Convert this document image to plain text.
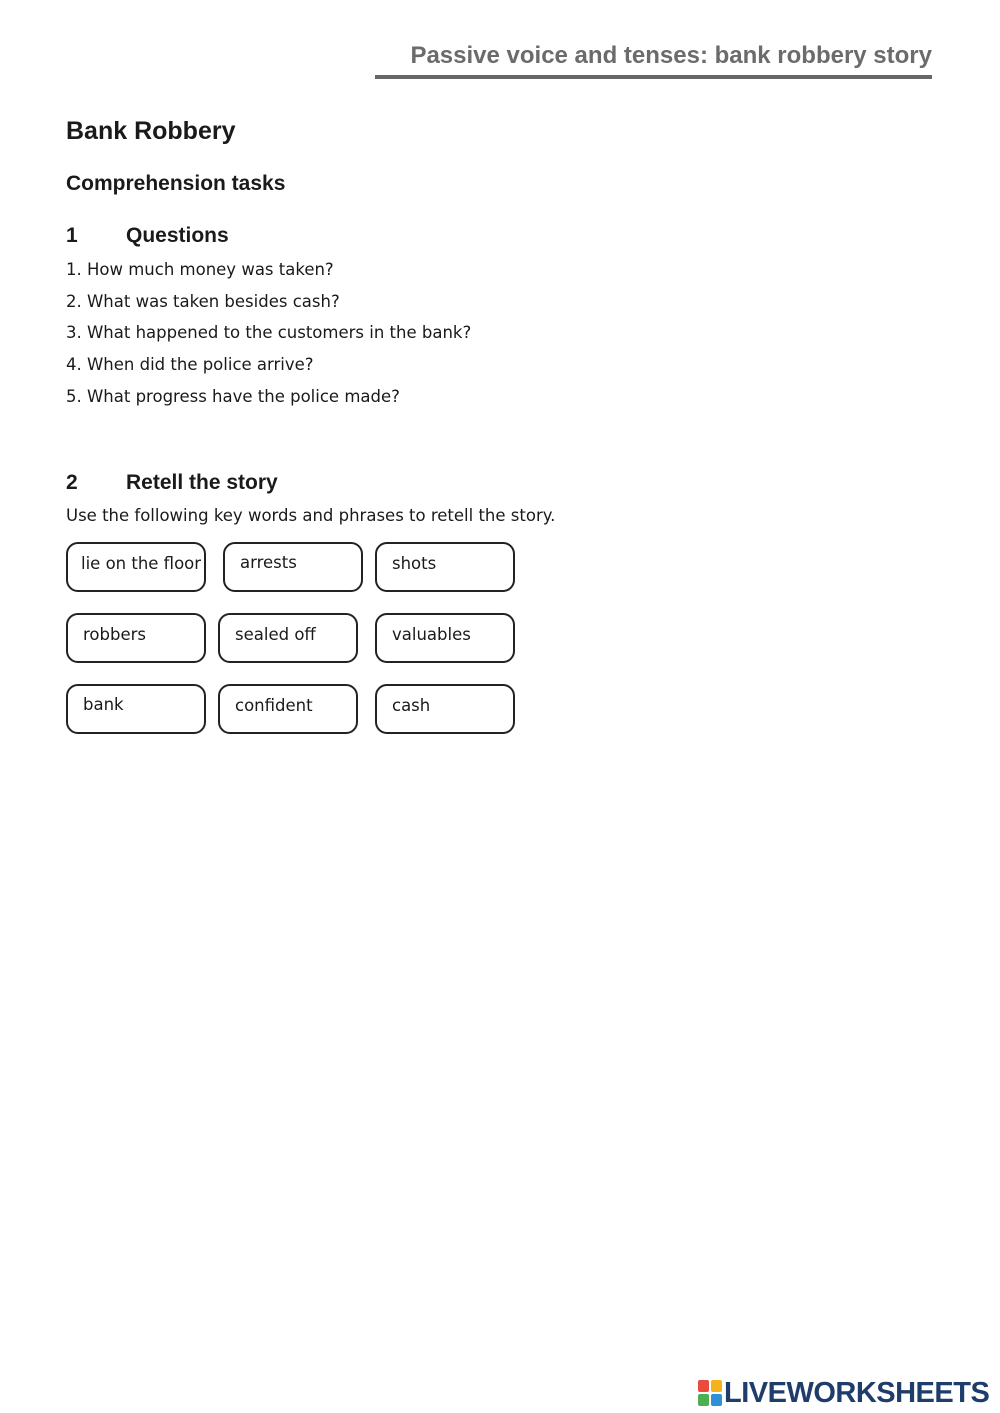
Passive voice and tenses: bank robbery story
Bank Robbery
Comprehension tasks
1 Questions
1. How much money was taken?
2. What was taken besides cash?
3. What happened to the customers in the bank?
4. When did the police arrive?
5. What progress have the police made?
2 Retell the story
Use the following key words and phrases to retell the story.
lie on the floor	arrests	shots
robbers	sealed off	valuables
bank	confident	cash
LIVEWORKSHEETS
